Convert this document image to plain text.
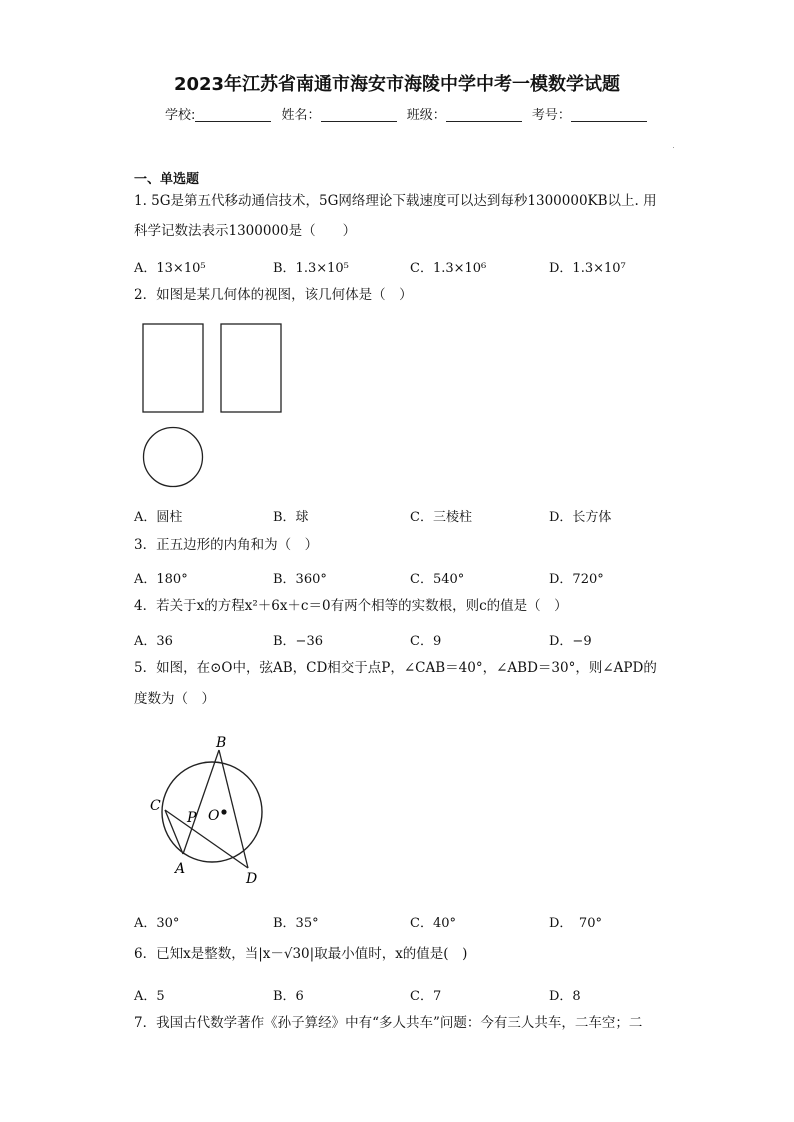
2023年江苏省南通市海安市海陵中学中考一模数学试题
学校:	姓名：	班级：	考号：
一、单选题
1. 5G是第五代移动通信技术，5G网络理论下载速度可以达到每秒1300000KB以上. 用
科学记数法表示1300000是（　　）
A．13×10⁵	B．1.3×10⁵	C．1.3×10⁶	D．1.3×10⁷
2．如图是某几何体的视图，该几何体是（　）
A．圆柱	B．球	C．三棱柱	D．长方体
3．正五边形的内角和为（　）
A．180°	B．360°	C．540°	D．720°
4．若关于x的方程x²＋6x＋c＝0有两个相等的实数根，则c的值是（　）
A．36	B．−36	C．9	D．−9
5．如图，在⊙O中，弦AB，CD相交于点P，∠CAB＝40°，∠ABD＝30°，则∠APD的
度数为（　）
B
C
P O
A
D
A．30°	B．35°	C．40°	D．　70°
6．已知x是整数，当|x－√30|取最小值时，x的值是(　)
A．5	B．6	C．7	D．8
7．我国古代数学著作《孙子算经》中有“多人共车”问题：今有三人共车，二车空；二
